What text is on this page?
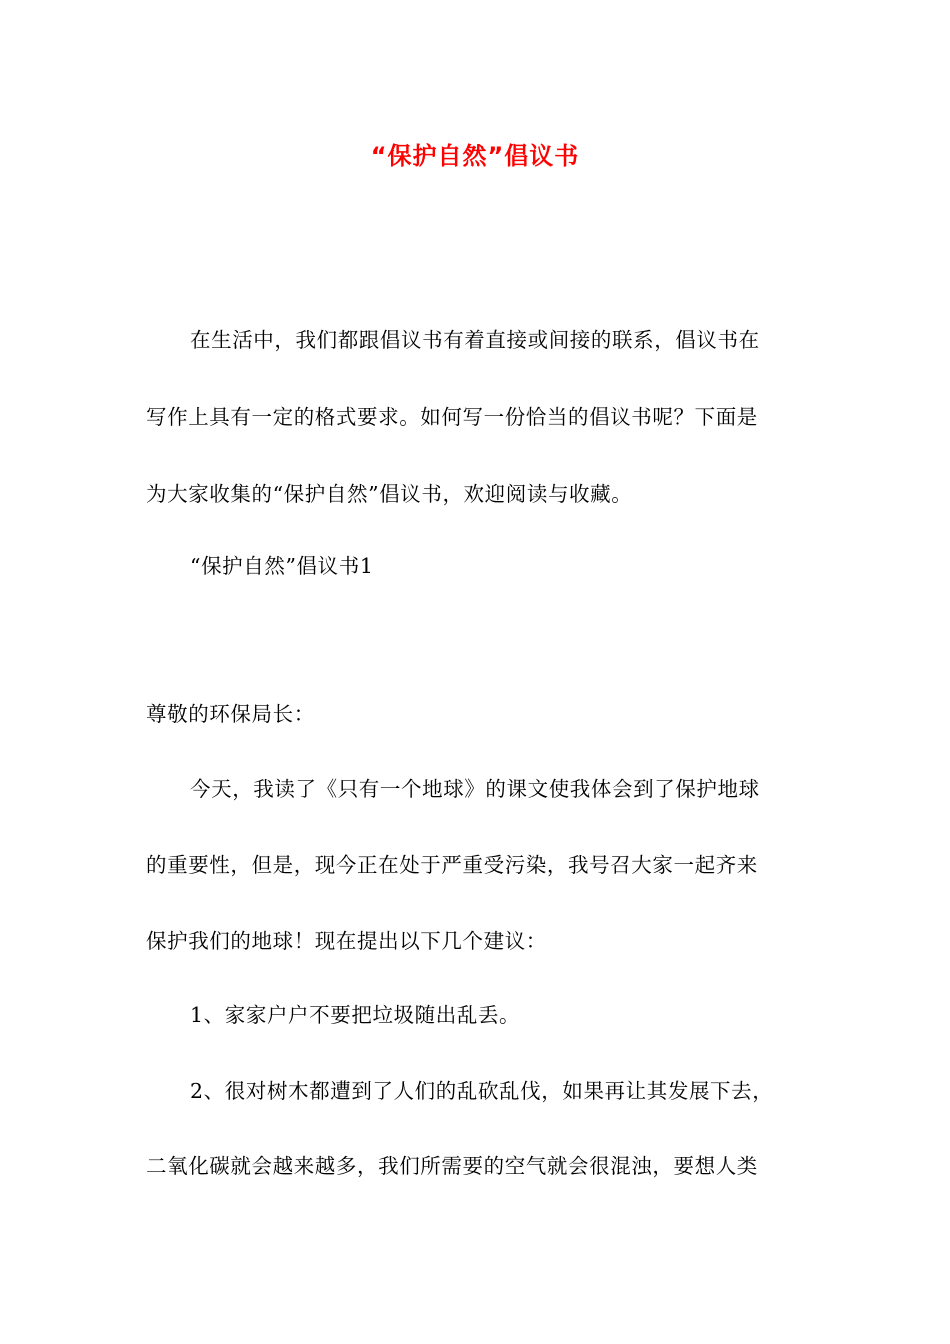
“保护自然”倡议书
在生活中，我们都跟倡议书有着直接或间接的联系，倡议书在
写作上具有一定的格式要求。如何写一份恰当的倡议书呢？下面是
为大家收集的“保护自然”倡议书，欢迎阅读与收藏。
“保护自然”倡议书1
尊敬的环保局长：
今天，我读了《只有一个地球》的课文使我体会到了保护地球
的重要性，但是，现今正在处于严重受污染，我号召大家一起齐来
保护我们的地球！现在提出以下几个建议：
1、家家户户不要把垃圾随出乱丢。
2、很对树木都遭到了人们的乱砍乱伐，如果再让其发展下去，
二氧化碳就会越来越多，我们所需要的空气就会很混浊，要想人类
